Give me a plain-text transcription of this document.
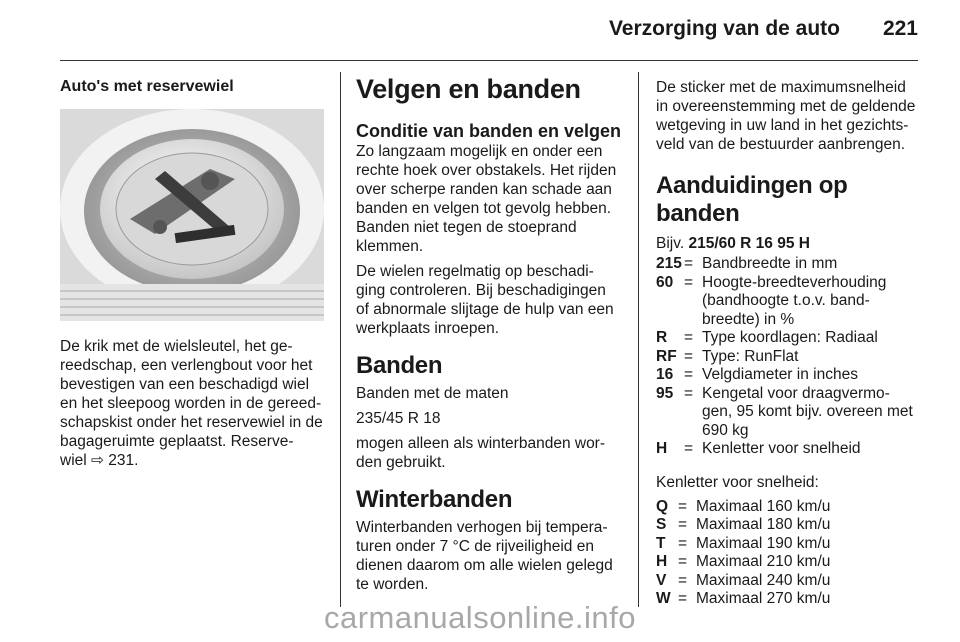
Verzorging van de auto 221
Auto's met reservewiel

De krik met de wielsleutel, het ge- reedschap, een verlengbout voor het bevestigen van een beschadigd wiel en het sleepoog worden in de gereed- schapskist onder het reservewiel in de bagageruimte geplaatst. Reserve- wiel ⇨ 231.

Velgen en banden
Conditie van banden en velgen

Zo langzaam mogelijk en onder een rechte hoek over obstakels. Het rijden over scherpe randen kan schade aan banden en velgen tot gevolg hebben. Banden niet tegen de stoeprand klemmen.

De wielen regelmatig op beschadi- ging controleren. Bij beschadigingen of abnormale slijtage de hulp van een werkplaats inroepen.

Banden

Banden met de maten

235/45 R 18

mogen alleen als winterbanden wor- den gebruikt.

Winterbanden

Winterbanden verhogen bij tempera- turen onder 7 °C de rijveiligheid en dienen daarom om alle wielen gelegd te worden.

De sticker met de maximumsnelheid in overeenstemming met de geldende wetgeving in uw land in het gezichts- veld van de bestuurder aanbrengen.

Aanduidingen op banden

Bijv. 215/60 R 16 95 H

215 = Bandbreedte in mm
60 = Hoogte-breedteverhouding (bandhoogte t.o.v. band- breedte) in %
R	= Type koordlagen: Radiaal
RF = Type: RunFlat
16 = Velgdiameter in inches
95 = Kengetal voor draagvermo- gen, 95 komt bijv. overeen met 690 kg
H	= Kenletter voor snelheid

Kenletter voor snelheid:

Q = Maximaal 160 km/u
S = Maximaal 180 km/u
T = Maximaal 190 km/u
H = Maximaal 210 km/u
V = Maximaal 240 km/u
W = Maximaal 270 km/u
carmanualsonline.info
